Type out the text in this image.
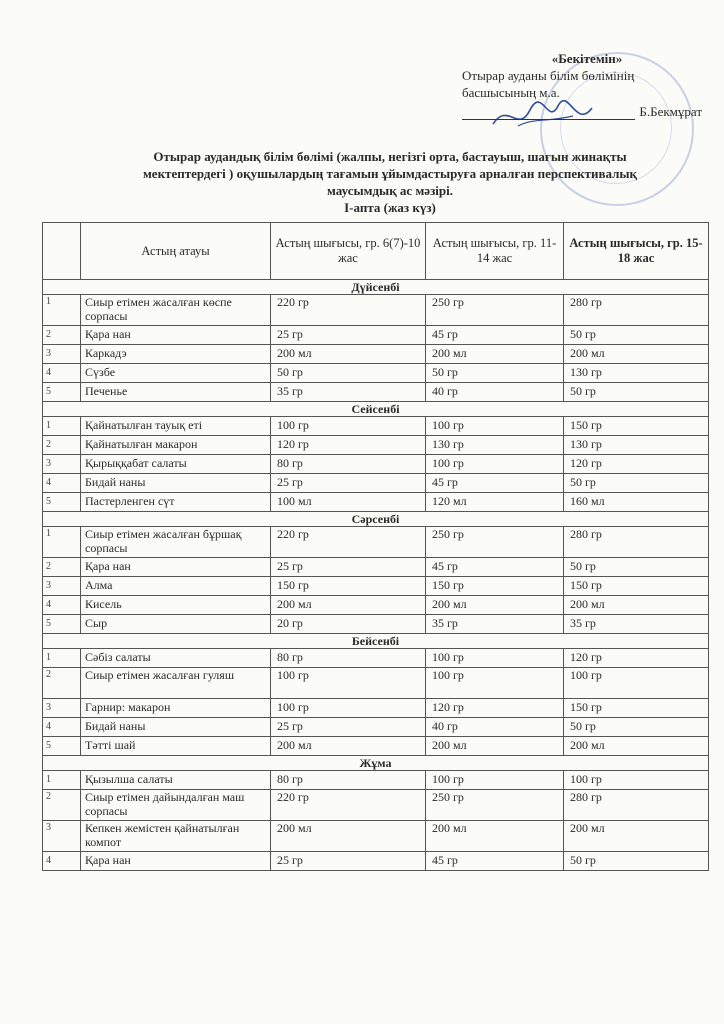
«Бекітемін»
Отырар ауданы білім бөлімінің
басшысының м.а.
Б.Бекмұрат
Отырар аудандық білім бөлімі (жалпы, негізгі орта, бастауыш, шағын жинақты
мектептердегі ) оқушылардың тағамын ұйымдастыруға арналған перспективалық
маусымдық ас мәзірі.
І-апта (жаз күз)
	Астың атауы	Астың шығысы, гр. 6(7)-10 жас	Астың шығысы, гр. 11-14 жас	Астың шығысы, гр. 15-18 жас
Дүйсенбі				
1	Сиыр етімен жасалған көспе сорпасы	220 гр	250 гр	280 гр
2	Қара нан	25 гр	45 гр	50 гр
3	Каркадэ	200 мл	200 мл	200 мл
4	Сүзбе	50 гр	50 гр	130 гр
5	Печенье	35 гр	40 гр	50 гр
Сейсенбі				
1	Қайнатылған тауық еті	100 гр	100 гр	150 гр
2	Қайнатылған макарон	120 гр	130 гр	130 гр
3	Қырыққабат салаты	80 гр	100 гр	120 гр
4	Бидай наны	25 гр	45 гр	50 гр
5	Пастерленген сүт	100 мл	120 мл	160 мл
Сәрсенбі				
1	Сиыр етімен жасалған бұршақ сорпасы	220 гр	250 гр	280 гр
2	Қара нан	25 гр	45 гр	50 гр
3	Алма	150 гр	150 гр	150 гр
4	Кисель	200 мл	200 мл	200 мл
5	Сыр	20 гр	35 гр	35 гр
Бейсенбі				
1	Сәбіз салаты	80 гр	100 гр	120 гр
2	Сиыр етімен жасалған гуляш	100 гр	100 гр	100 гр
3	Гарнир: макарон	100 гр	120 гр	150 гр
4	Бидай наны	25 гр	40 гр	50 гр
5	Тәтті шай	200 мл	200 мл	200 мл
Жұма				
1	Қызылша салаты	80 гр	100 гр	100 гр
2	Сиыр етімен дайындалған маш сорпасы	220 гр	250 гр	280 гр
3	Кепкен жемістен қайнатылған компот	200 мл	200 мл	200 мл
4	Қара нан	25 гр	45 гр	50 гр
